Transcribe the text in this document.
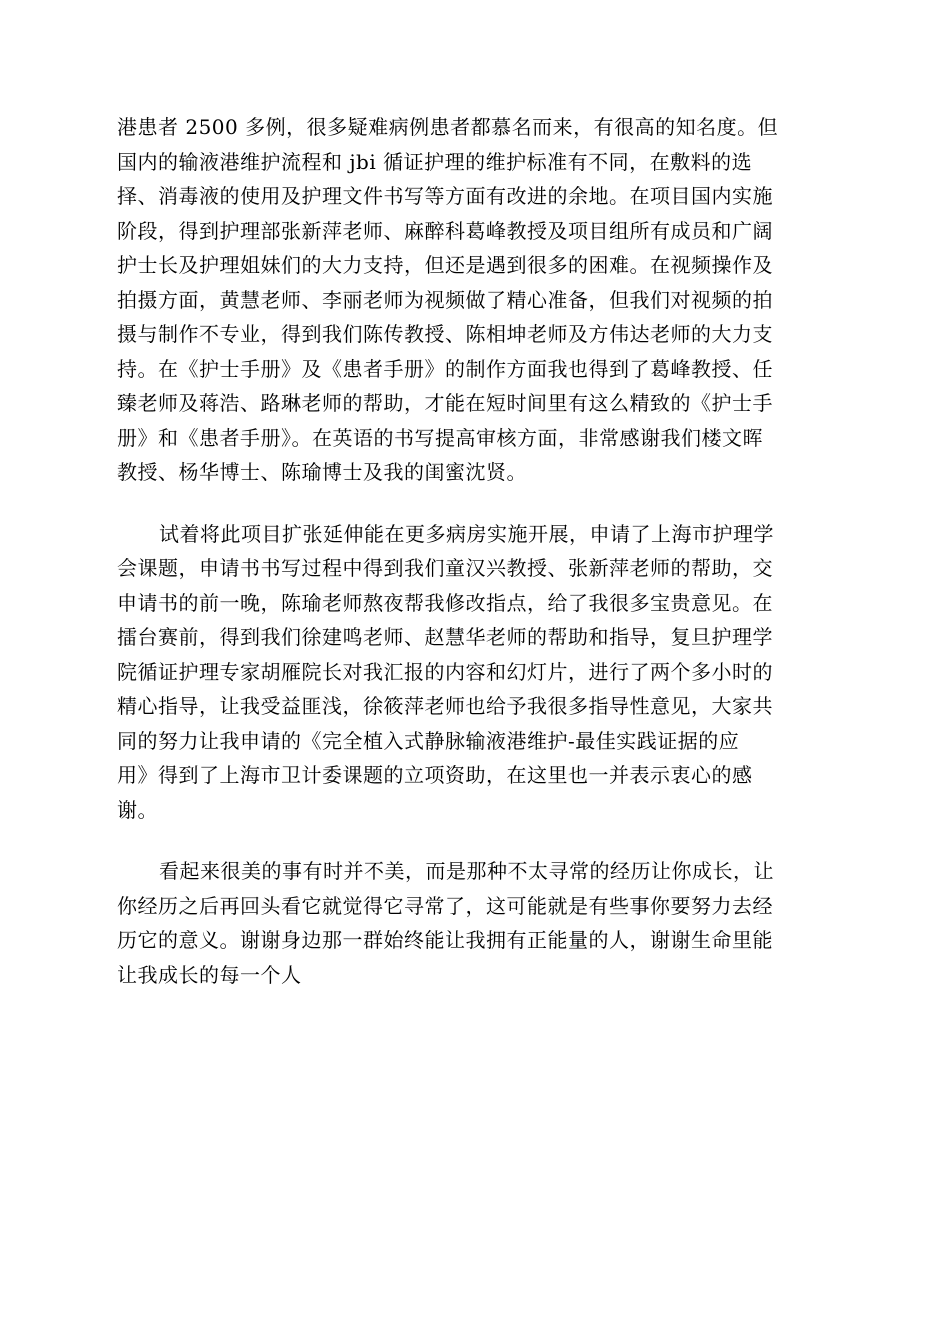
港患者 2500 多例，很多疑难病例患者都慕名而来，有很高的知名度。但
国内的输液港维护流程和 jbi 循证护理的维护标准有不同，在敷料的选
择、消毒液的使用及护理文件书写等方面有改进的余地。在项目国内实施
阶段，得到护理部张新萍老师、麻醉科葛峰教授及项目组所有成员和广阔
护士长及护理姐妹们的大力支持，但还是遇到很多的困难。在视频操作及
拍摄方面，黄慧老师、李丽老师为视频做了精心准备，但我们对视频的拍
摄与制作不专业，得到我们陈传教授、陈相坤老师及方伟达老师的大力支
持。在《护士手册》及《患者手册》的制作方面我也得到了葛峰教授、任
臻老师及蒋浩、路琳老师的帮助，才能在短时间里有这么精致的《护士手
册》和《患者手册》。在英语的书写提高审核方面，非常感谢我们楼文晖
教授、杨华博士、陈瑜博士及我的闺蜜沈贤。
试着将此项目扩张延伸能在更多病房实施开展，申请了上海市护理学
会课题，申请书书写过程中得到我们童汉兴教授、张新萍老师的帮助，交
申请书的前一晚，陈瑜老师熬夜帮我修改指点，给了我很多宝贵意见。在
擂台赛前，得到我们徐建鸣老师、赵慧华老师的帮助和指导，复旦护理学
院循证护理专家胡雁院长对我汇报的内容和幻灯片，进行了两个多小时的
精心指导，让我受益匪浅，徐筱萍老师也给予我很多指导性意见，大家共
同的努力让我申请的《完全植入式静脉输液港维护-最佳实践证据的应
用》得到了上海市卫计委课题的立项资助，在这里也一并表示衷心的感
谢。
看起来很美的事有时并不美，而是那种不太寻常的经历让你成长，让
你经历之后再回头看它就觉得它寻常了，这可能就是有些事你要努力去经
历它的意义。谢谢身边那一群始终能让我拥有正能量的人，谢谢生命里能
让我成长的每一个人
